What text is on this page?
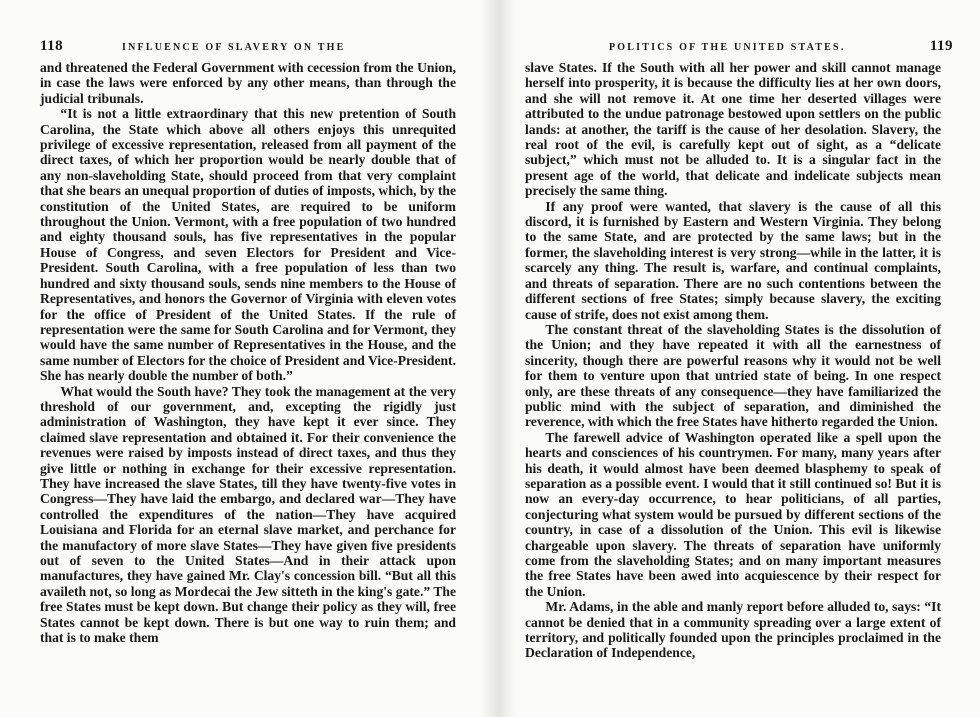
118	INFLUENCE OF SLAVERY ON THE

and threatened the Federal Government with cecession from the Union, in case the laws were enforced by any other means, than through the judicial tribunals.

“It is not a little extraordinary that this new pretention of South Carolina, the State which above all others enjoys this unrequited privilege of excessive representation, released from all payment of the direct taxes, of which her proportion would be nearly double that of any non-slaveholding State, should proceed from that very complaint that she bears an unequal proportion of duties of imposts, which, by the constitution of the United States, are required to be uniform throughout the Union. Vermont, with a free population of two hundred and eighty thousand souls, has five representatives in the popular House of Congress, and seven Electors for President and Vice-President. South Carolina, with a free population of less than two hundred and sixty thousand souls, sends nine members to the House of Representatives, and honors the Governor of Virginia with eleven votes for the office of President of the United States. If the rule of representation were the same for South Carolina and for Vermont, they would have the same number of Representatives in the House, and the same number of Electors for the choice of President and Vice-President. She has nearly double the number of both.”

What would the South have? They took the management at the very threshold of our government, and, excepting the rigidly just administration of Washington, they have kept it ever since. They claimed slave representation and obtained it. For their convenience the revenues were raised by imposts instead of direct taxes, and thus they give little or nothing in exchange for their excessive representation. They have increased the slave States, till they have twenty-five votes in Congress—They have laid the embargo, and declared war—They have controlled the expenditures of the nation—They have acquired Louisiana and Florida for an eternal slave market, and perchance for the manufactory of more slave States—They have given five presidents out of seven to the United States—And in their attack upon manufactures, they have gained Mr. Clay's concession bill. “But all this availeth not, so long as Mordecai the Jew sitteth in the king's gate.” The free States must be kept down. But change their policy as they will, free States cannot be kept down. There is but one way to ruin them; and that is to make them

POLITICS OF THE UNITED STATES.	119

slave States. If the South with all her power and skill cannot manage herself into prosperity, it is because the difficulty lies at her own doors, and she will not remove it. At one time her deserted villages were attributed to the undue patronage bestowed upon settlers on the public lands: at another, the tariff is the cause of her desolation. Slavery, the real root of the evil, is carefully kept out of sight, as a “delicate subject,” which must not be alluded to. It is a singular fact in the present age of the world, that delicate and indelicate subjects mean precisely the same thing.

If any proof were wanted, that slavery is the cause of all this discord, it is furnished by Eastern and Western Virginia. They belong to the same State, and are protected by the same laws; but in the former, the slaveholding interest is very strong—while in the latter, it is scarcely any thing. The result is, warfare, and continual complaints, and threats of separation. There are no such contentions between the different sections of free States; simply because slavery, the exciting cause of strife, does not exist among them.

The constant threat of the slaveholding States is the dissolution of the Union; and they have repeated it with all the earnestness of sincerity, though there are powerful reasons why it would not be well for them to venture upon that untried state of being. In one respect only, are these threats of any consequence—they have familiarized the public mind with the subject of separation, and diminished the reverence, with which the free States have hitherto regarded the Union.

The farewell advice of Washington operated like a spell upon the hearts and consciences of his countrymen. For many, many years after his death, it would almost have been deemed blasphemy to speak of separation as a possible event. I would that it still continued so! But it is now an every-day occurrence, to hear politicians, of all parties, conjecturing what system would be pursued by different sections of the country, in case of a dissolution of the Union. This evil is likewise chargeable upon slavery. The threats of separation have uniformly come from the slaveholding States; and on many important measures the free States have been awed into acquiescence by their respect for the Union.

Mr. Adams, in the able and manly report before alluded to, says: “It cannot be denied that in a community spreading over a large extent of territory, and politically founded upon the principles proclaimed in the Declaration of Independence,
